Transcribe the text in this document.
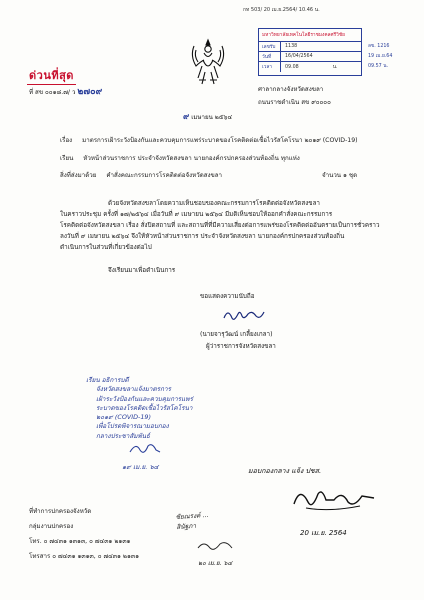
กท 503/ 20 เม.ย.2564/ 10.46 น.
มหาวิทยาลัยเทคโนโลยีราชมงคลศรีวิชัย
เลขรับ	1138
วันที่	16/04/2564
เวลา	09.08	น.
ลข. 1216
19 เม.ย.64
09.57 น.
ด่วนที่สุด
ที่ สข ๐๐๑๘.๗/ ว ๒๗๐๙	ศาลากลางจังหวัดสงขลา
ถนนราชดำเนิน สข ๙๐๐๐๐
๙ เมษายน ๒๕๖๔
เรื่อง มาตรการเฝ้าระวังป้องกันและควบคุมการแพร่ระบาดของโรคติดต่อเชื้อไวรัสโคโรนา ๒๐๑๙ (COVID-19)
เรียน หัวหน้าส่วนราชการ ประจำจังหวัดสงขลา นายกองค์กรปกครองส่วนท้องถิ่น ทุกแห่ง
สิ่งที่ส่งมาด้วย คำสั่งคณะกรรมการโรคติดต่อจังหวัดสงขลา	จำนวน ๑ ชุด
ด้วยจังหวัดสงขลาโดยความเห็นชอบของคณะกรรมการโรคติดต่อจังหวัดสงขลา
ในคราวประชุม ครั้งที่ ๑๗/๒๕๖๔ เมื่อวันที่ ๙ เมษายน ๒๕๖๔ มีมติเห็นชอบให้ออกคำสั่งคณะกรรมการ
โรคติดต่อจังหวัดสงขลา เรื่อง สั่งปิดสถานที่ และสถานที่ที่มีความเสี่ยงต่อการแพร่ของโรคติดต่ออันตรายเป็นการชั่วคราว
ลงวันที่ ๙ เมษายน ๒๕๖๔ จึงให้หัวหน้าส่วนราชการ ประจำจังหวัดสงขลา นายกองค์กรปกครองส่วนท้องถิ่น
ดำเนินการในส่วนที่เกี่ยวข้องต่อไป
จึงเรียนมาเพื่อดำเนินการ
ขอแสดงความนับถือ
(นายจารุวัฒน์ เกลี้ยงเกลา)
ผู้ว่าราชการจังหวัดสงขลา
เรียน อธิการบดี
จังหวัดสงขลาแจ้งมาตรการ
เฝ้าระวังป้องกันและควบคุมการแพร่
ระบาดของโรคติดเชื้อไวรัสโคโรนา
๒๐๑๙ (COVID-19)
เพื่อโปรดพิจารณามอบกอง
กลางประชาสัมพันธ์
๑๙ เม.ย. ๖๔	มอบกองกลาง แจ้ง ปชส.
20 เม.ย. 2564
ที่ทำการปกครองจังหวัด
กลุ่มงานปกครอง
โทร. ๐ ๗๔๓๑ ๑๓๑๓, ๐ ๗๔๓๑ ๒๑๓๑
โทรสาร ๐ ๗๔๓๑ ๑๓๑๓, ๐ ๗๔๓๑ ๒๑๓๑
ชัยณรงค์ ...
สินัฐภา
๒๐ เม.ย. ๖๔
